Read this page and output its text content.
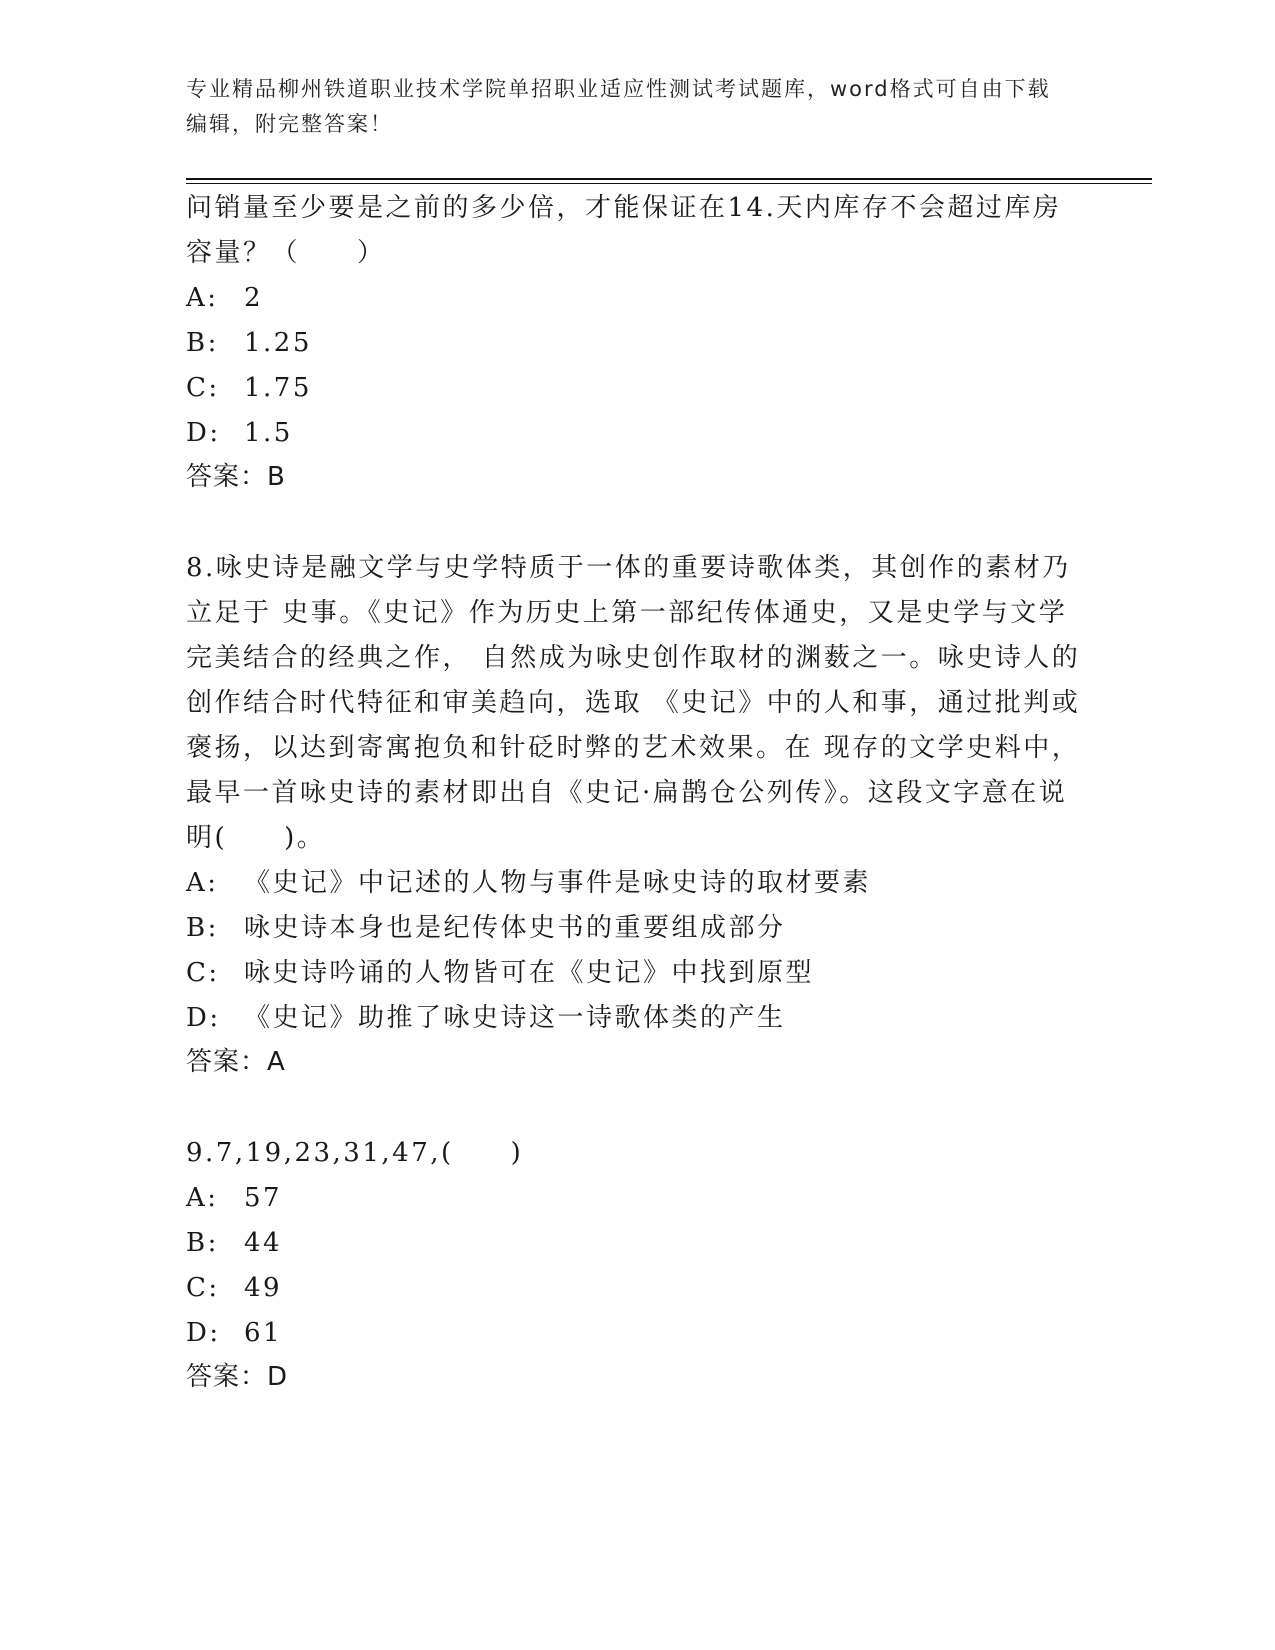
专业精品柳州铁道职业技术学院单招职业适应性测试考试题库，word格式可自由下载编辑，附完整答案！
问销量至少要是之前的多少倍，才能保证在14.天内库存不会超过库房容量？（　　）
A: 2
B: 1.25
C: 1.75
D: 1.5
答案：B
8.咏史诗是融文学与史学特质于一体的重要诗歌体类，其创作的素材乃立足于 史事。《史记》作为历史上第一部纪传体通史，又是史学与文学完美结合的经典之作， 自然成为咏史创作取材的渊薮之一。咏史诗人的创作结合时代特征和审美趋向，选取 《史记》中的人和事，通过批判或褒扬，以达到寄寓抱负和针砭时弊的艺术效果。在 现存的文学史料中，最早一首咏史诗的素材即出自《史记·扁鹊仓公列传》。这段文字意在说明(　　)。
A: 《史记》中记述的人物与事件是咏史诗的取材要素
B: 咏史诗本身也是纪传体史书的重要组成部分
C: 咏史诗吟诵的人物皆可在《史记》中找到原型
D: 《史记》助推了咏史诗这一诗歌体类的产生
答案：A
9.7,19,23,31,47,(　　)
A: 57
B: 44
C: 49
D: 61
答案：D
